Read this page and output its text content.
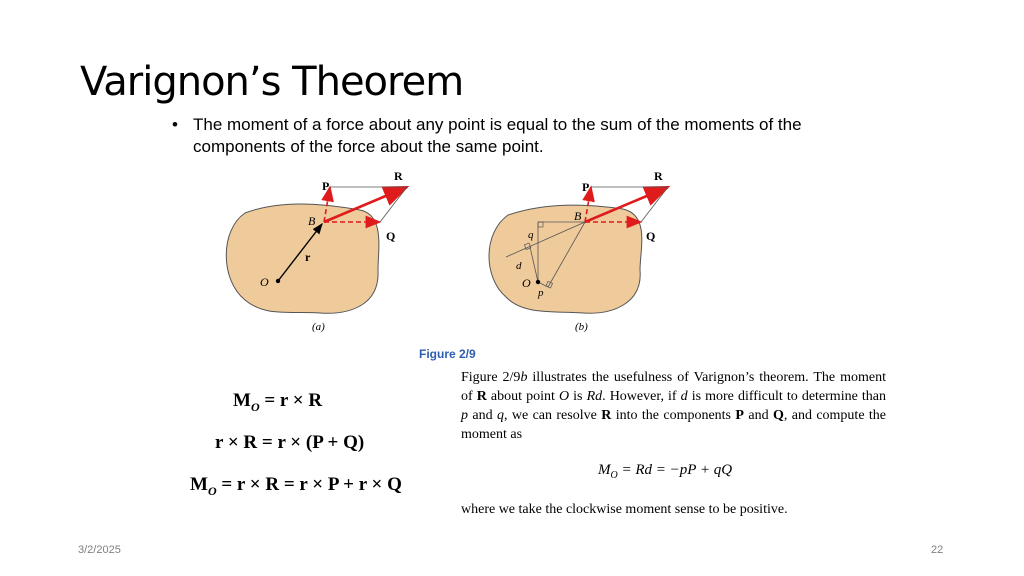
Varignon’s Theorem
• The moment of a force about any point is equal to the sum of the moments of the components of the force about the same point.
P
R
Q
B
O
r
(a)
P
R
Q
B
O
q
d
p
(b)
Figure 2/9
$M_O = r \times R$
r × R = r × (P + Q)
$M_O = r \times R = r \times P + r \times Q$
Figure 2/9b illustrates the usefulness of Varignon’s theorem. The moment of R about point O is Rd. However, if d is more difficult to determine than p and q, we can resolve R into the components P and Q, and compute the moment as
$M_O = Rd = -pP$ + qQ
where we take the clockwise moment sense to be positive.
3/2/2025	22
